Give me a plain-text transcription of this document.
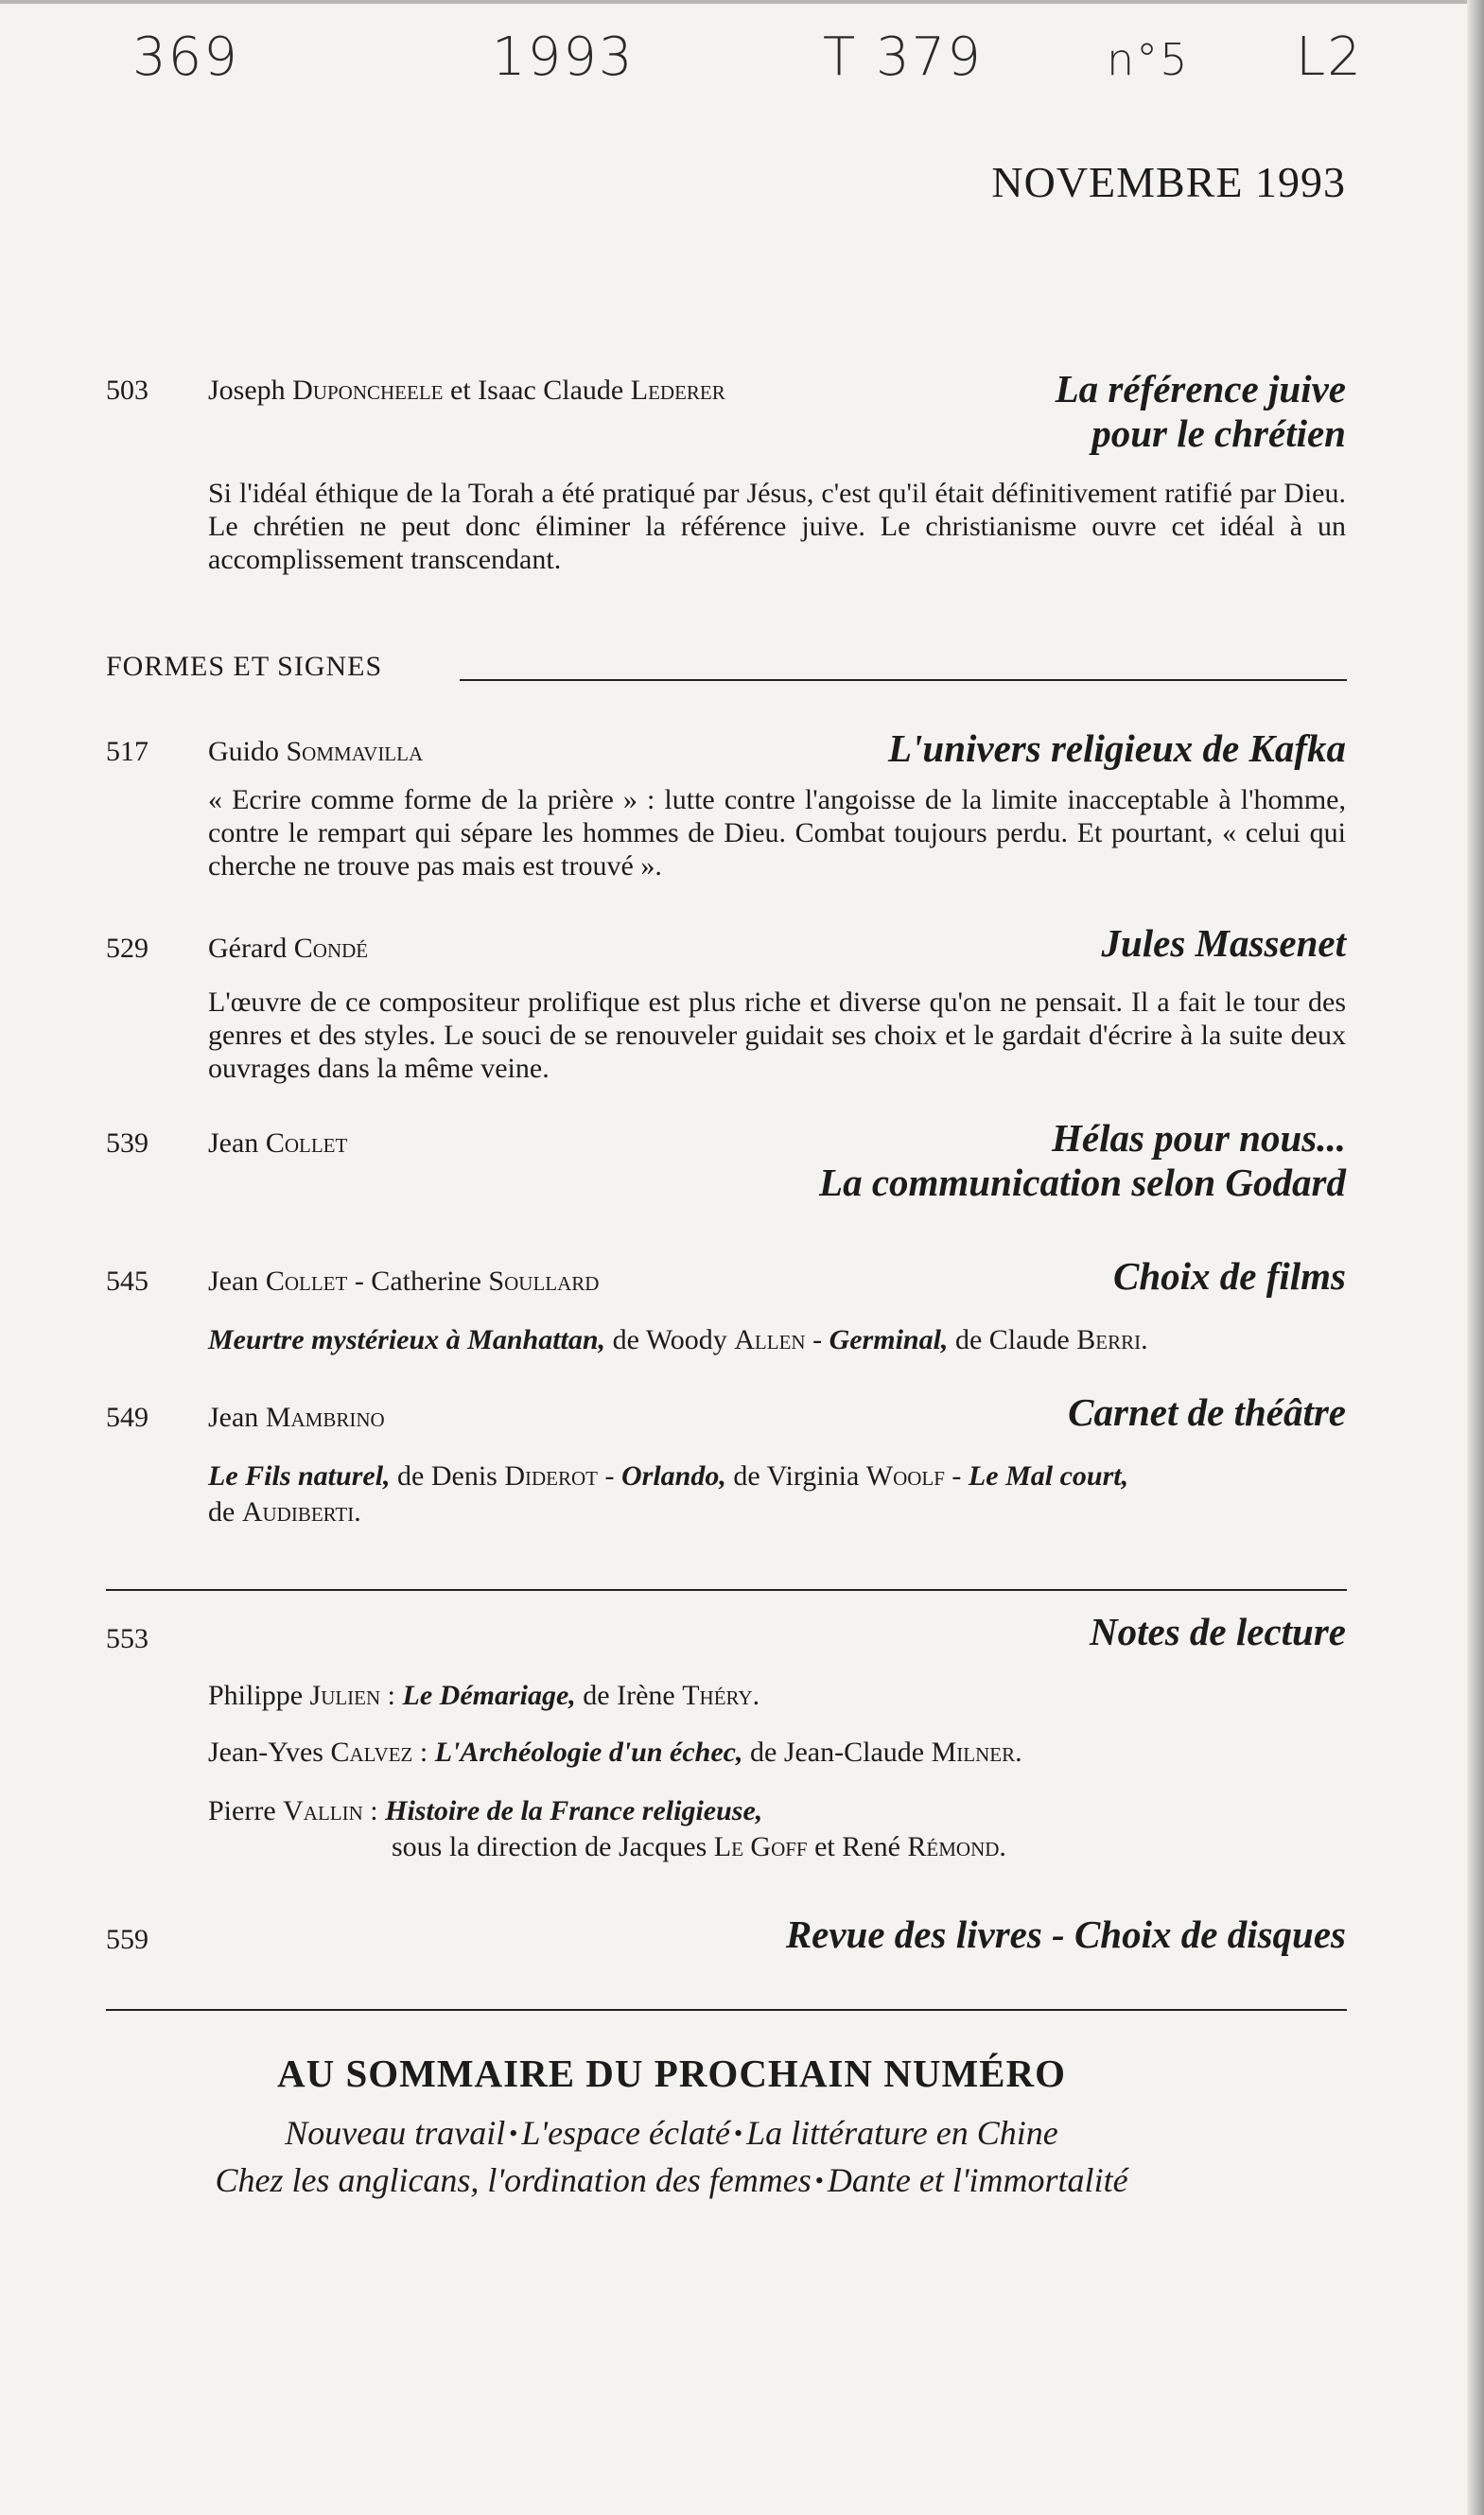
369	1993	T 379	n°5 L2
NOVEMBRE 1993
503 Joseph Duponcheele et Isaac Claude Lederer	La référence juive
pour le chrétien
Si l'idéal éthique de la Torah a été pratiqué par Jésus, c'est qu'il était définitivement ratifié par Dieu. Le chrétien ne peut donc éliminer la référence juive. Le christianisme ouvre cet idéal à un accomplissement transcendant.
FORMES ET SIGNES
517 Guido Sommavilla	L'univers religieux de Kafka
« Ecrire comme forme de la prière » : lutte contre l'angoisse de la limite inacceptable à l'homme, contre le rempart qui sépare les hommes de Dieu. Combat toujours perdu. Et pourtant, « celui qui cherche ne trouve pas mais est trouvé ».
529 Gérard Condé	Jules Massenet
L'œuvre de ce compositeur prolifique est plus riche et diverse qu'on ne pensait. Il a fait le tour des genres et des styles. Le souci de se renouveler guidait ses choix et le gardait d'écrire à la suite deux ouvrages dans la même veine.
539 Jean Collet	Hélas pour nous...
La communication selon Godard
545 Jean Collet - Catherine Soullard	Choix de films
Meurtre mystérieux à Manhattan, de Woody Allen - Germinal, de Claude Berri.
549 Jean Mambrino	Carnet de théâtre
Le Fils naturel, de Denis Diderot - Orlando, de Virginia Woolf - Le Mal court,
de Audiberti.
553	Notes de lecture
Philippe Julien : Le Démariage, de Irène Théry.
Jean-Yves Calvez : L'Archéologie d'un échec, de Jean-Claude Milner.
Pierre Vallin : Histoire de la France religieuse,
sous la direction de Jacques Le Goff et René Rémond.
559	Revue des livres - Choix de disques
AU SOMMAIRE DU PROCHAIN NUMÉRO
Nouveau travail • L'espace éclaté • La littérature en Chine
Chez les anglicans, l'ordination des femmes • Dante et l'immortalité
